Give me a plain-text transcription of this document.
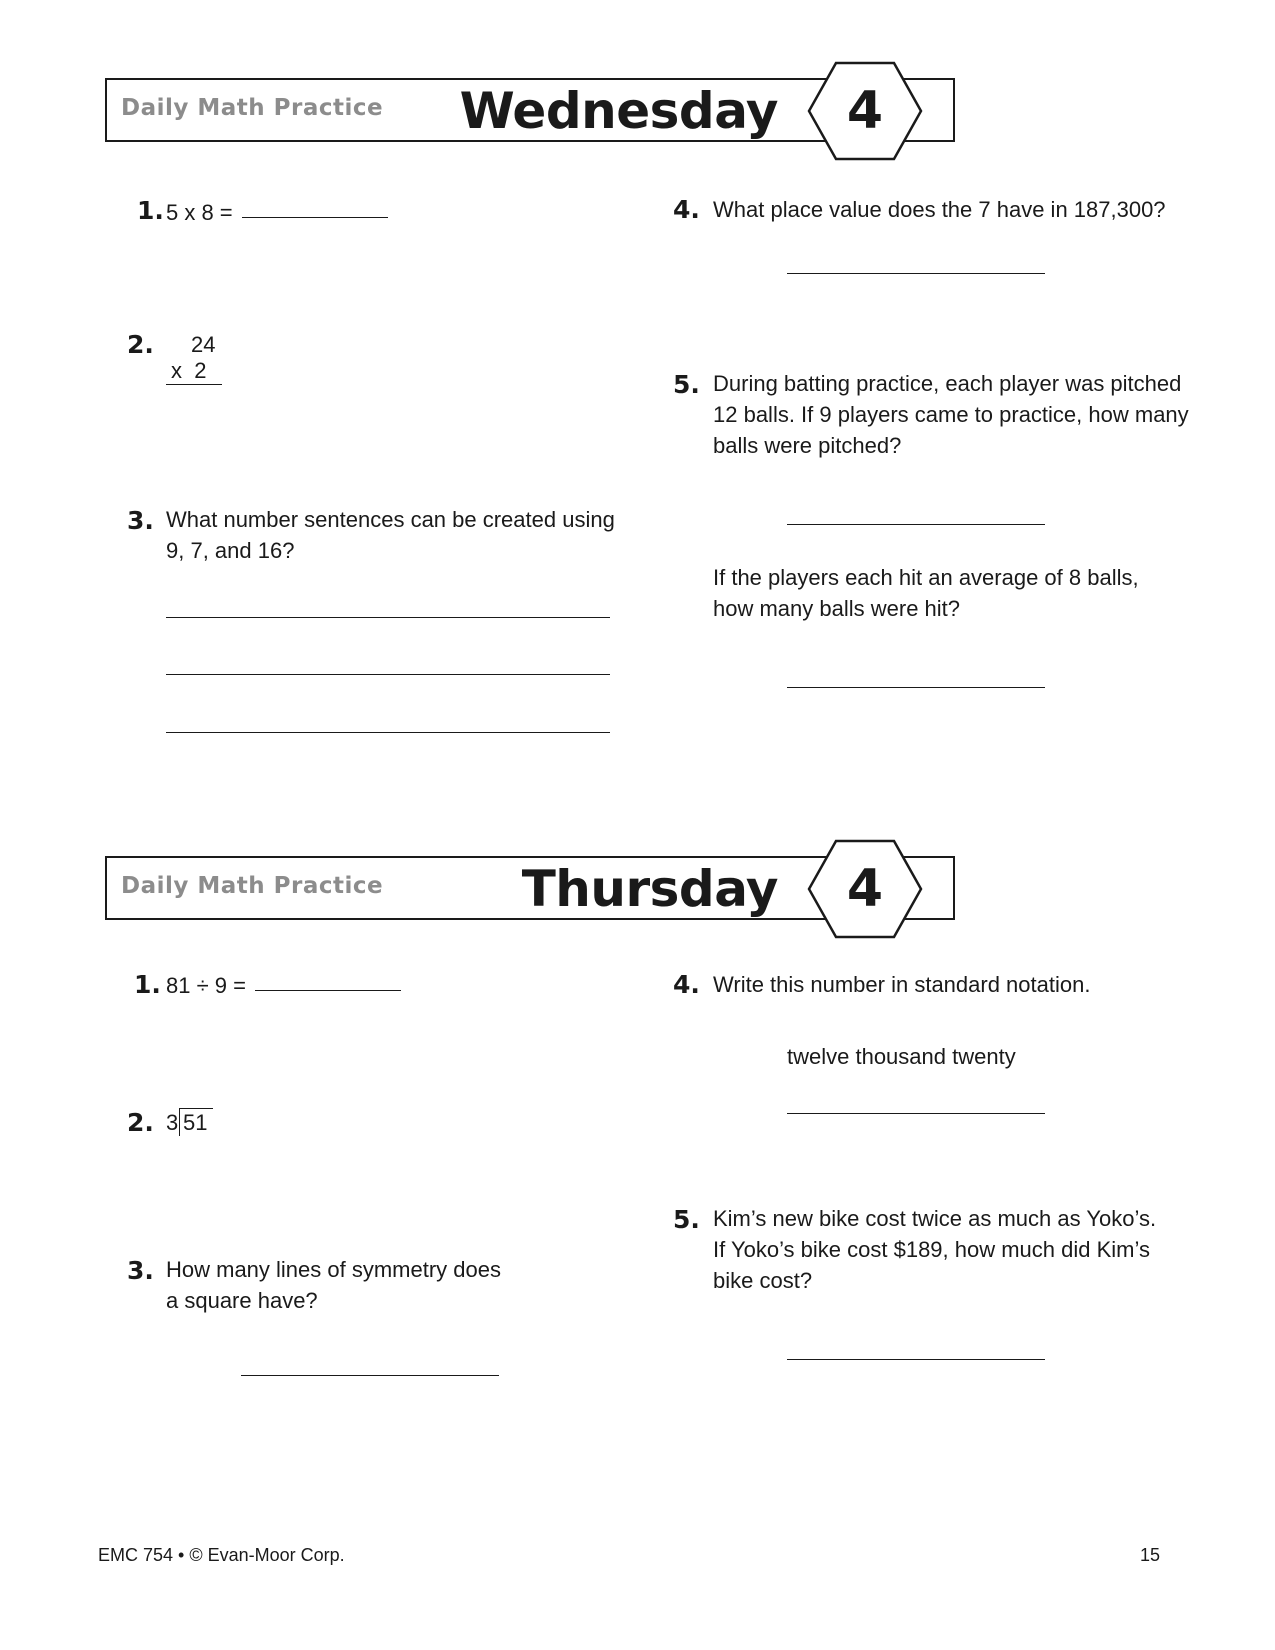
Daily Math Practice Wednesday	4
1. 5 x 8 =
2. 24
x  2
3. What number sentences can be created using
9, 7, and 16?
4. What place value does the 7 have in 187,300?
5. During batting practice, each player was pitched
12 balls. If 9 players came to practice, how many
balls were pitched?
If the players each hit an average of 8 balls,
how many balls were hit?
Daily Math Practice	Thursday	4
1. 81 ÷ 9 =
2. 3 51
3. How many lines of symmetry does
a square have?
4. Write this number in standard notation.
twelve thousand twenty
5. Kim’s new bike cost twice as much as Yoko’s.
If Yoko’s bike cost $189, how much did Kim’s
bike cost?
EMC 754 • © Evan-Moor Corp.	15
